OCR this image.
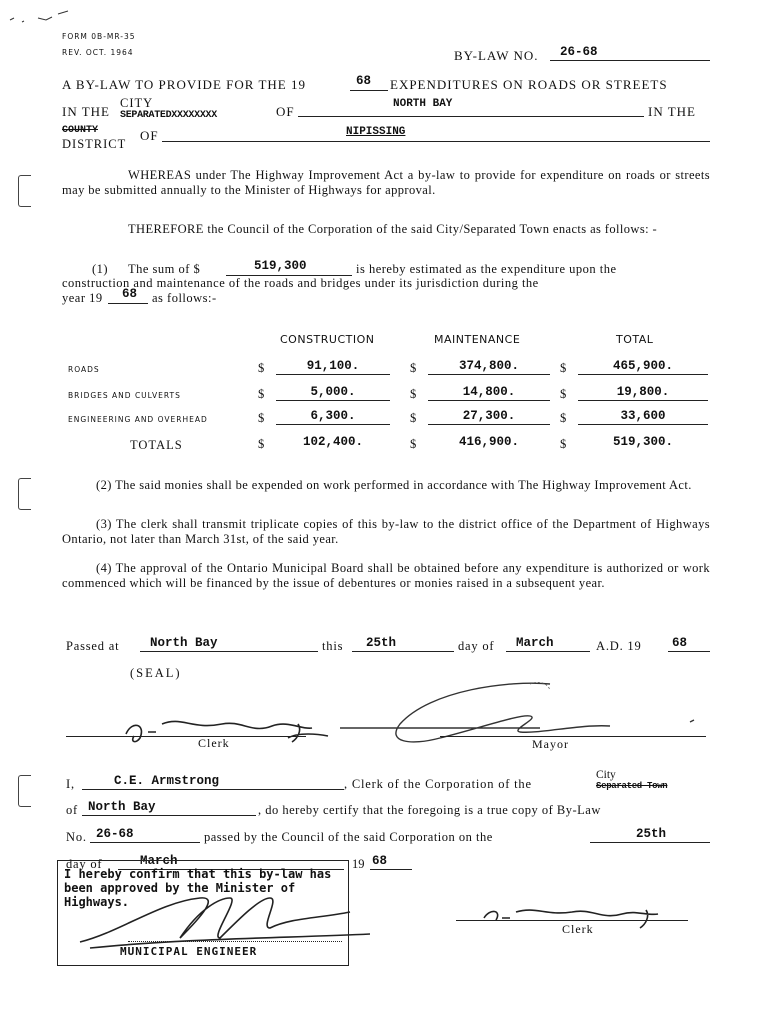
FORM 0B-MR-35
REV. OCT. 1964	BY-LAW NO. 26-68
A BY-LAW TO PROVIDE FOR THE 19	68 EXPENDITURES ON ROADS OR STREETS
IN THE
CITY
SEPARATEDXXXXXXXX	OF	NORTH BAY	IN THE
COUNTY
DISTRICT
OF	NIPISSING
WHEREAS under The Highway Improvement Act a by-law to provide for expenditure on roads or streets may be submitted annually to the Minister of Highways for approval.
THEREFORE the Council of the Corporation of the said City/Separated Town enacts as follows: -
(1) The sum of $	519,300	is hereby estimated as the expenditure upon the
construction and maintenance of the roads and bridges under its jurisdiction during the
year 19 68 as follows:-
CONSTRUCTION	MAINTENANCE	TOTAL
ROADS	$	91,100.	$	374,800.	$	465,900.
BRIDGES AND CULVERTS	$	5,000.	$	14,800.	$	19,800.
ENGINEERING AND OVERHEAD	$	6,300.	$	27,300.	$	33,600
TOTALS	$	102,400.	$	416,900.	$	519,300.
(2) The said monies shall be expended on work performed in accordance with The Highway Improvement Act.
(3) The clerk shall transmit triplicate copies of this by-law to the district office of the Department of Highways Ontario, not later than March 31st, of the said year.
(4) The approval of the Ontario Municipal Board shall be obtained before any expenditure is authorized or work commenced which will be financed by the issue of debentures or monies raised in a subsequent year.
Passed at North Bay	this 25th	day of March	A.D. 19 68
(SEAL)
Clerk	Mayor
I,	C.E. Armstrong	, Clerk of the Corporation of the
City
Separated Town
of North Bay	, do hereby certify that the foregoing is a true copy of By-Law
No. 26-68	passed by the Council of the said Corporation on the	25th
day of	March	19 68
I hereby confirm that this by-law has
been approved by the Minister of
Highways.
MUNICIPAL ENGINEER
Clerk
